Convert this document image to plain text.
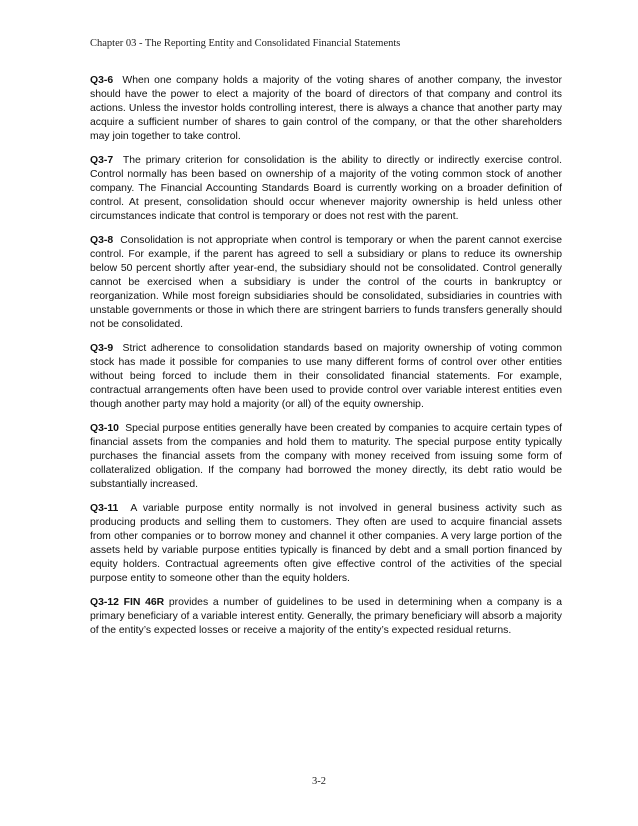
Chapter 03 - The Reporting Entity and Consolidated Financial Statements

Q3-6 When one company holds a majority of the voting shares of another company, the investor should have the power to elect a majority of the board of directors of that company and control its actions. Unless the investor holds controlling interest, there is always a chance that another party may acquire a sufficient number of shares to gain control of the company, or that the other shareholders may join together to take control.

Q3-7 The primary criterion for consolidation is the ability to directly or indirectly exercise control. Control normally has been based on ownership of a majority of the voting common stock of another company. The Financial Accounting Standards Board is currently working on a broader definition of control. At present, consolidation should occur whenever majority ownership is held unless other circumstances indicate that control is temporary or does not rest with the parent.

Q3-8 Consolidation is not appropriate when control is temporary or when the parent cannot exercise control. For example, if the parent has agreed to sell a subsidiary or plans to reduce its ownership below 50 percent shortly after year-end, the subsidiary should not be consolidated. Control generally cannot be exercised when a subsidiary is under the control of the courts in bankruptcy or reorganization. While most foreign subsidiaries should be consolidated, subsidiaries in countries with unstable governments or those in which there are stringent barriers to funds transfers generally should not be consolidated.

Q3-9 Strict adherence to consolidation standards based on majority ownership of voting common stock has made it possible for companies to use many different forms of control over other entities without being forced to include them in their consolidated financial statements. For example, contractual arrangements often have been used to provide control over variable interest entities even though another party may hold a majority (or all) of the equity ownership.

Q3-10 Special purpose entities generally have been created by companies to acquire certain types of financial assets from the companies and hold them to maturity. The special purpose entity typically purchases the financial assets from the company with money received from issuing some form of collateralized obligation. If the company had borrowed the money directly, its debt ratio would be substantially increased.

Q3-11 A variable purpose entity normally is not involved in general business activity such as producing products and selling them to customers. They often are used to acquire financial assets from other companies or to borrow money and channel it other companies. A very large portion of the assets held by variable purpose entities typically is financed by debt and a small portion financed by equity holders. Contractual agreements often give effective control of the activities of the special purpose entity to someone other than the equity holders.

Q3-12 FIN 46R provides a number of guidelines to be used in determining when a company is a primary beneficiary of a variable interest entity. Generally, the primary beneficiary will absorb a majority of the entity’s expected losses or receive a majority of the entity’s expected residual returns.

3-2
